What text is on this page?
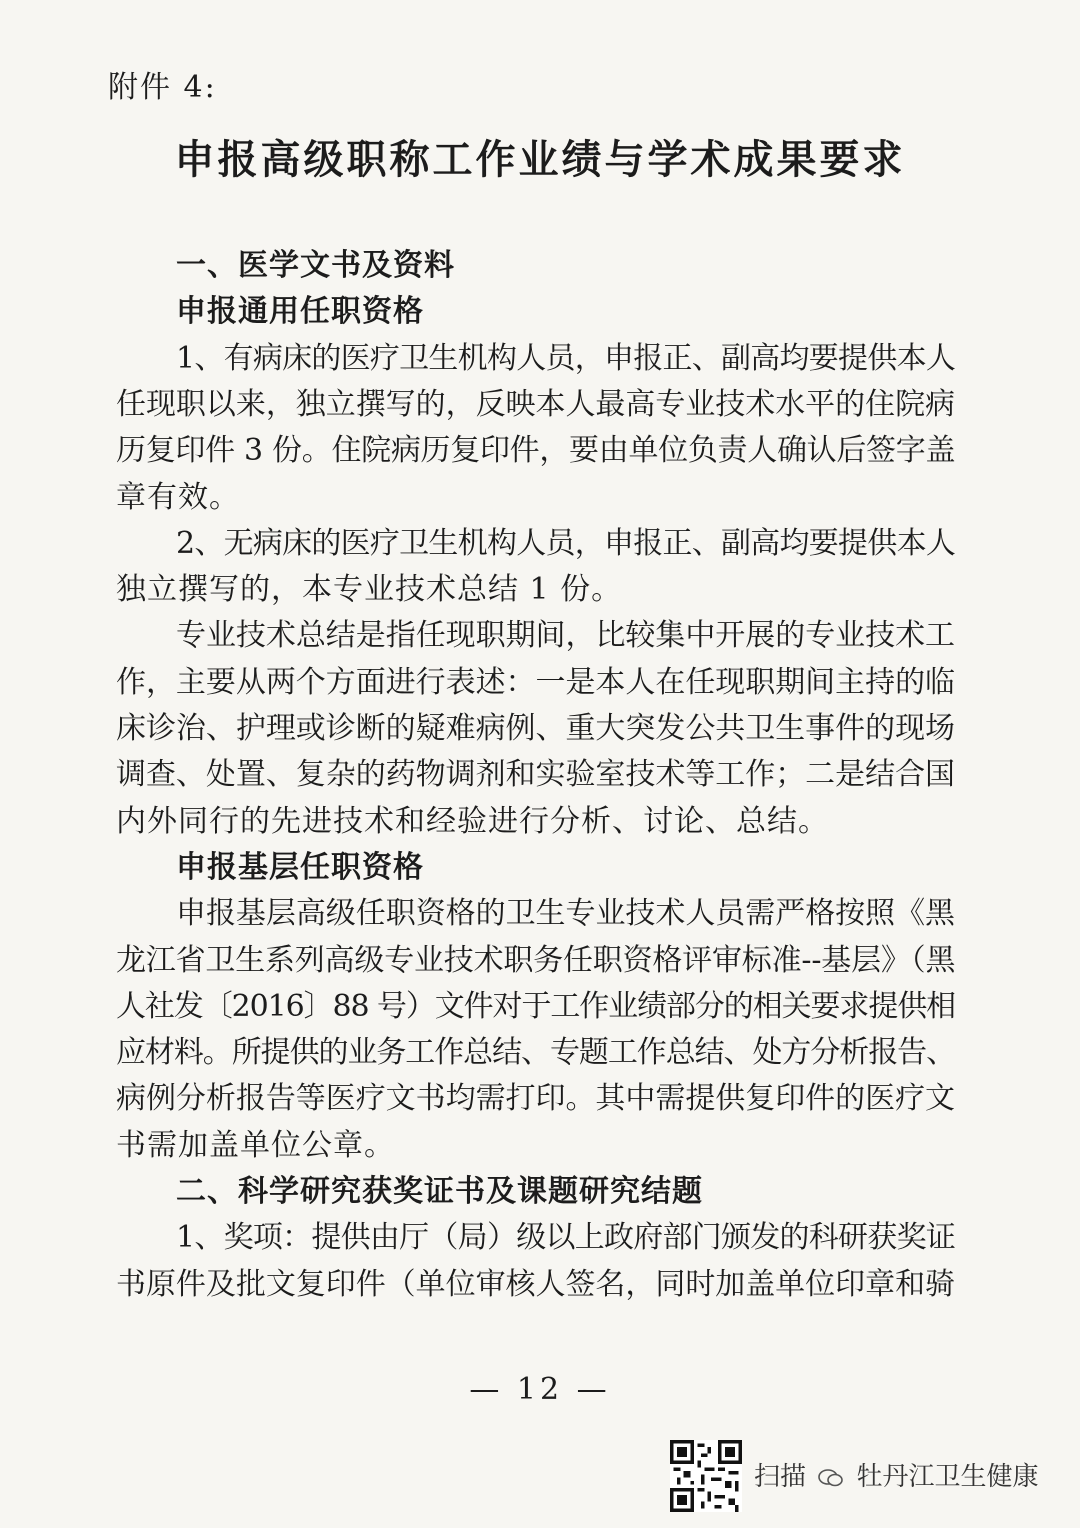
附件 4:
申报高级职称工作业绩与学术成果要求
一、医学文书及资料
申报通用任职资格
1、有病床的医疗卫生机构人员，申报正、副高均要提供本人
任现职以来，独立撰写的，反映本人最高专业技术水平的住院病
历复印件 3 份。住院病历复印件，要由单位负责人确认后签字盖
章有效。
2、无病床的医疗卫生机构人员，申报正、副高均要提供本人
独立撰写的，本专业技术总结 1 份。
专业技术总结是指任现职期间，比较集中开展的专业技术工
作，主要从两个方面进行表述：一是本人在任现职期间主持的临
床诊治、护理或诊断的疑难病例、重大突发公共卫生事件的现场
调查、处置、复杂的药物调剂和实验室技术等工作；二是结合国
内外同行的先进技术和经验进行分析、讨论、总结。
申报基层任职资格
申报基层高级任职资格的卫生专业技术人员需严格按照《黑
龙江省卫生系列高级专业技术职务任职资格评审标准--基层》（黑
人社发〔2016〕88 号）文件对于工作业绩部分的相关要求提供相
应材料。所提供的业务工作总结、专题工作总结、处方分析报告、
病例分析报告等医疗文书均需打印。其中需提供复印件的医疗文
书需加盖单位公章。
二、科学研究获奖证书及课题研究结题
1、奖项：提供由厅（局）级以上政府部门颁发的科研获奖证
书原件及批文复印件（单位审核人签名，同时加盖单位印章和骑
— 12 —
扫描 牡丹江卫生健康
